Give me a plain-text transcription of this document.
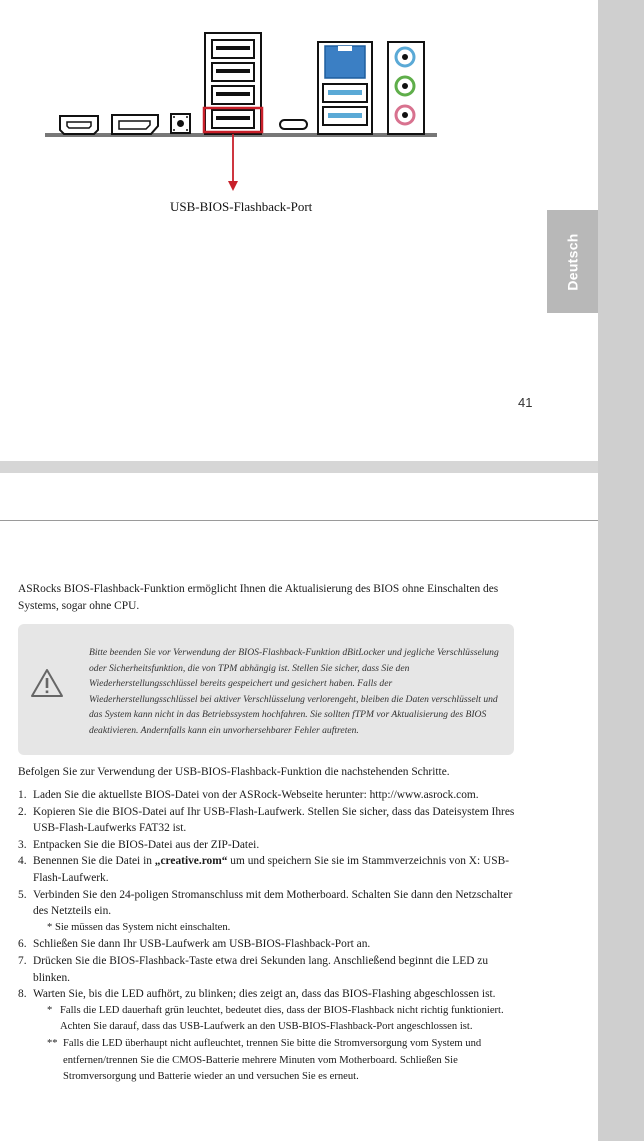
Deutsch
41
USB-BIOS-Flashback-Port
ASRocks BIOS-Flashback-Funktion ermöglicht Ihnen die Aktualisierung des BIOS ohne Einschalten des Systems, sogar ohne CPU.
Bitte beenden Sie vor Verwendung der BIOS-Flashback-Funktion dBitLocker und jegliche Verschlüsselung oder Sicherheitsfunktion, die von TPM abhängig ist. Stellen Sie sicher, dass Sie den Wiederherstellungsschlüssel bereits gespeichert und gesichert haben. Falls der Wiederherstellungsschlüssel bei aktiver Verschlüsselung verlorengeht, bleiben die Daten verschlüsselt und das System kann nicht in das Betriebssystem hochfahren. Sie sollten fTPM vor Aktualisierung des BIOS deaktivieren. Andernfalls kann ein unvorhersehbarer Fehler auftreten.
Befolgen Sie zur Verwendung der USB-BIOS-Flashback-Funktion die nachstehenden Schritte.
1. Laden Sie die aktuellste BIOS-Datei von der ASRock-Webseite herunter: http://www.asrock.com.
2. Kopieren Sie die BIOS-Datei auf Ihr USB-Flash-Laufwerk. Stellen Sie sicher, dass das Dateisystem Ihres USB-Flash-Laufwerks FAT32 ist.
3. Entpacken Sie die BIOS-Datei aus der ZIP-Datei.
4. Benennen Sie die Datei in „creative.rom“ um und speichern Sie sie im Stammverzeichnis von X: USB-Flash-Laufwerk.
5. Verbinden Sie den 24-poligen Stromanschluss mit dem Motherboard. Schalten Sie dann den Netzschalter des Netzteils ein.
* Sie müssen das System nicht einschalten.
6. Schließen Sie dann Ihr USB-Laufwerk am USB-BIOS-Flashback-Port an.
7. Drücken Sie die BIOS-Flashback-Taste etwa drei Sekunden lang. Anschließend beginnt die LED zu blinken.
8. Warten Sie, bis die LED aufhört, zu blinken; dies zeigt an, dass das BIOS-Flashing abgeschlossen ist.
* Falls die LED dauerhaft grün leuchtet, bedeutet dies, dass der BIOS-Flashback nicht richtig funktioniert. Achten Sie darauf, dass das USB-Laufwerk an den USB-BIOS-Flashback-Port angeschlossen ist.
** Falls die LED überhaupt nicht aufleuchtet, trennen Sie bitte die Stromversorgung vom System und entfernen/trennen Sie die CMOS-Batterie mehrere Minuten vom Motherboard. Schließen Sie Stromversorgung und Batterie wieder an und versuchen Sie es erneut.
